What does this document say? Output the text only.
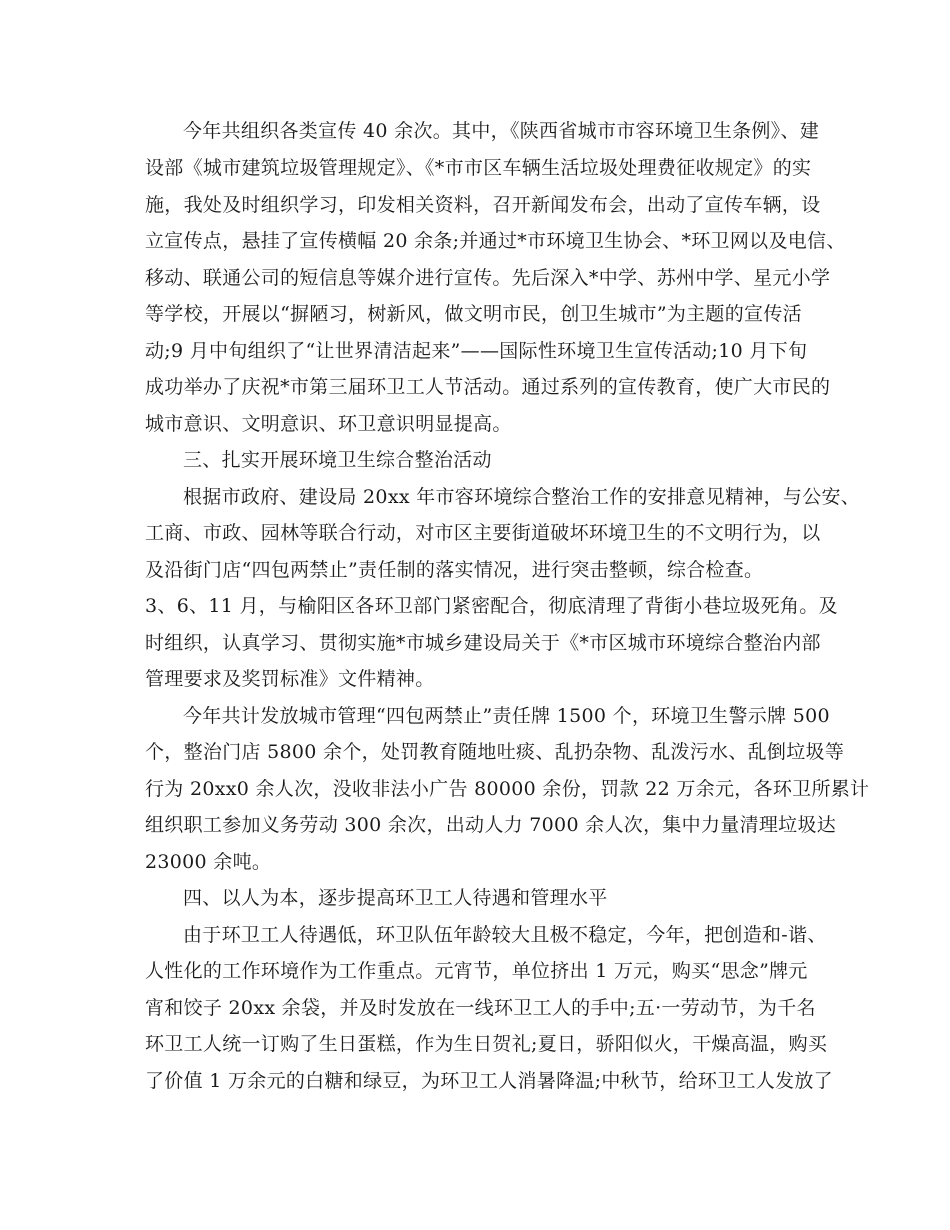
今年共组织各类宣传 40 余次。其中，《陕西省城市市容环境卫生条例》、建
设部《城市建筑垃圾管理规定》、《*市市区车辆生活垃圾处理费征收规定》的实
施，我处及时组织学习，印发相关资料，召开新闻发布会，出动了宣传车辆，设
立宣传点，悬挂了宣传横幅 20 余条;并通过*市环境卫生协会、*环卫网以及电信、
移动、联通公司的短信息等媒介进行宣传。先后深入*中学、苏州中学、星元小学
等学校，开展以“摒陋习，树新风，做文明市民，创卫生城市”为主题的宣传活
动;9 月中旬组织了“让世界清洁起来”——国际性环境卫生宣传活动;10 月下旬
成功举办了庆祝*市第三届环卫工人节活动。通过系列的宣传教育，使广大市民的
城市意识、文明意识、环卫意识明显提高。
三、扎实开展环境卫生综合整治活动
根据市政府、建设局 20xx 年市容环境综合整治工作的安排意见精神，与公安、
工商、市政、园林等联合行动，对市区主要街道破坏环境卫生的不文明行为，以
及沿街门店“四包两禁止”责任制的落实情况，进行突击整顿，综合检查。
3、6、11 月，与榆阳区各环卫部门紧密配合，彻底清理了背街小巷垃圾死角。及
时组织，认真学习、贯彻实施*市城乡建设局关于《*市区城市环境综合整治内部
管理要求及奖罚标准》文件精神。
今年共计发放城市管理“四包两禁止”责任牌 1500 个，环境卫生警示牌 500
个，整治门店 5800 余个，处罚教育随地吐痰、乱扔杂物、乱泼污水、乱倒垃圾等
行为 20xx0 余人次，没收非法小广告 80000 余份，罚款 22 万余元，各环卫所累计
组织职工参加义务劳动 300 余次，出动人力 7000 余人次，集中力量清理垃圾达
23000 余吨。
四、以人为本，逐步提高环卫工人待遇和管理水平
由于环卫工人待遇低，环卫队伍年龄较大且极不稳定，今年，把创造和-谐、
人性化的工作环境作为工作重点。元宵节，单位挤出 1 万元，购买“思念”牌元
宵和饺子 20xx 余袋，并及时发放在一线环卫工人的手中;五·一劳动节，为千名
环卫工人统一订购了生日蛋糕，作为生日贺礼;夏日，骄阳似火，干燥高温，购买
了价值 1 万余元的白糖和绿豆，为环卫工人消暑降温;中秋节，给环卫工人发放了
